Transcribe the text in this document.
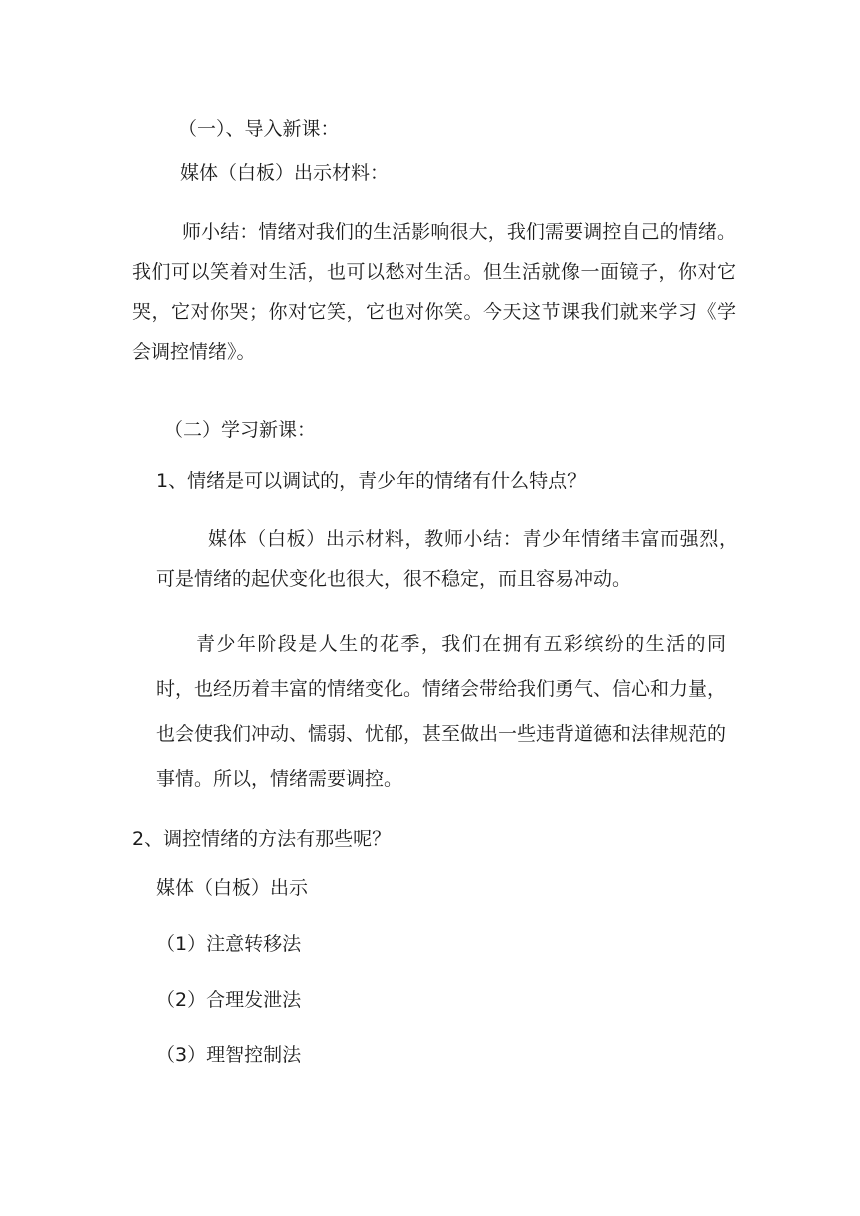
（一）、导入新课：
媒体（白板）出示材料：

师小结：情绪对我们的生活影响很大，我们需要调控自己的情绪。我们可以笑着对生活，也可以愁对生活。但生活就像一面镜子，你对它哭，它对你哭；你对它笑，它也对你笑。今天这节课我们就来学习《学会调控情绪》。

（二）学习新课：
1、情绪是可以调试的，青少年的情绪有什么特点？

媒体（白板）出示材料，教师小结：青少年情绪丰富而强烈，可是情绪的起伏变化也很大，很不稳定，而且容易冲动。

青少年阶段是人生的花季，我们在拥有五彩缤纷的生活的同时，也经历着丰富的情绪变化。情绪会带给我们勇气、信心和力量，也会使我们冲动、懦弱、忧郁，甚至做出一些违背道德和法律规范的事情。所以，情绪需要调控。

2、调控情绪的方法有那些呢？
媒体（白板）出示
（1）注意转移法
（2）合理发泄法
（3）理智控制法
